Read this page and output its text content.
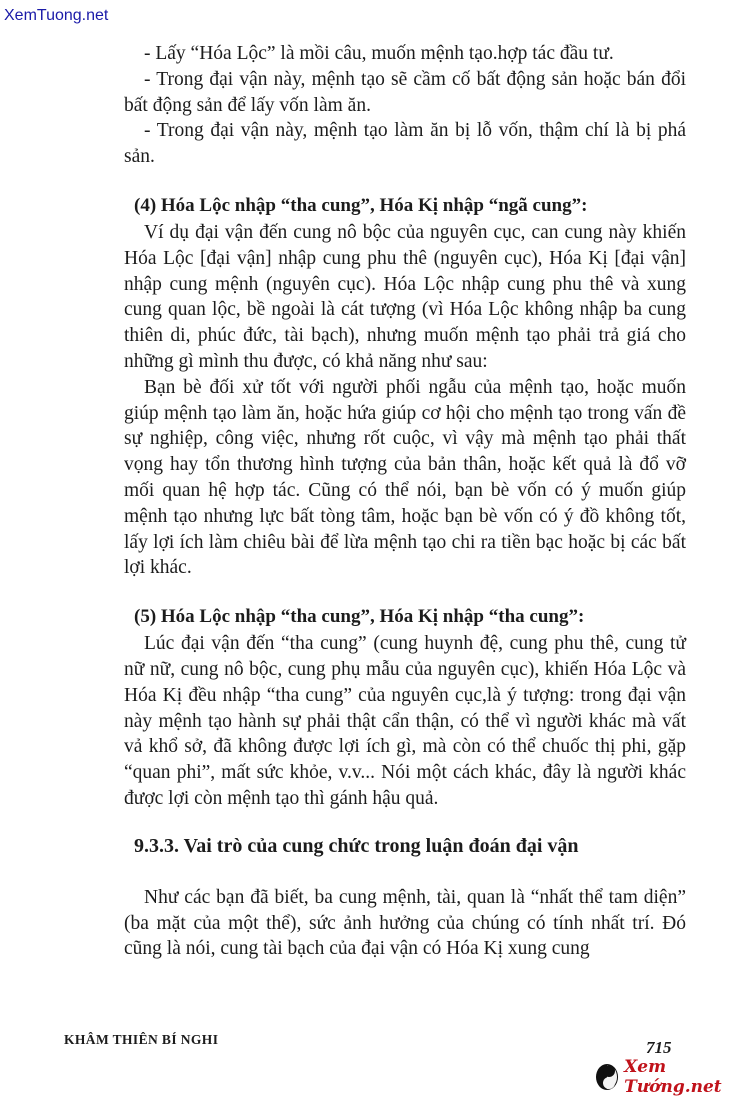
XemTuong.net

- Lấy “Hóa Lộc” là mồi câu, muốn mệnh tạo.hợp tác đầu tư.

- Trong đại vận này, mệnh tạo sẽ cầm cố bất động sản hoặc bán đổi bất động sản để lấy vốn làm ăn.

- Trong đại vận này, mệnh tạo làm ăn bị lỗ vốn, thậm chí là bị phá sản.

(4) Hóa Lộc nhập “tha cung”, Hóa Kị nhập “ngã cung”:

Ví dụ đại vận đến cung nô bộc của nguyên cục, can cung này khiến Hóa Lộc [đại vận] nhập cung phu thê (nguyên cục), Hóa Kị [đại vận] nhập cung mệnh (nguyên cục). Hóa Lộc nhập cung phu thê và xung cung quan lộc, bề ngoài là cát tượng (vì Hóa Lộc không nhập ba cung thiên di, phúc đức, tài bạch), nhưng muốn mệnh tạo phải trả giá cho những gì mình thu được, có khả năng như sau:

Bạn bè đối xử tốt với người phối ngẫu của mệnh tạo, hoặc muốn giúp mệnh tạo làm ăn, hoặc hứa giúp cơ hội cho mệnh tạo trong vấn đề sự nghiệp, công việc, nhưng rốt cuộc, vì vậy mà mệnh tạo phải thất vọng hay tổn thương hình tượng của bản thân, hoặc kết quả là đổ vỡ mối quan hệ hợp tác. Cũng có thể nói, bạn bè vốn có ý muốn giúp mệnh tạo nhưng lực bất tòng tâm, hoặc bạn bè vốn có ý đồ không tốt, lấy lợi ích làm chiêu bài để lừa mệnh tạo chi ra tiền bạc hoặc bị các bất lợi khác.

(5) Hóa Lộc nhập “tha cung”, Hóa Kị nhập “tha cung”:

Lúc đại vận đến “tha cung” (cung huynh đệ, cung phu thê, cung tử nữ nữ, cung nô bộc, cung phụ mẫu của nguyên cục), khiến Hóa Lộc và Hóa Kị đều nhập “tha cung” của nguyên cục,là ý tượng: trong đại vận này mệnh tạo hành sự phải thật cẩn thận, có thể vì người khác mà vất vả khổ sở, đã không được lợi ích gì, mà còn có thể chuốc thị phi, gặp “quan phi”, mất sức khỏe, v.v... Nói một cách khác, đây là người khác được lợi còn mệnh tạo thì gánh hậu quả.

9.3.3. Vai trò của cung chức trong luận đoán đại vận

Như các bạn đã biết, ba cung mệnh, tài, quan là “nhất thể tam diện” (ba mặt của một thể), sức ảnh hưởng của chúng có tính nhất trí. Đó cũng là nói, cung tài bạch của đại vận có Hóa Kị xung cung

KHÂM THIÊN BÍ NGHI	715
Xem Tướng.net
